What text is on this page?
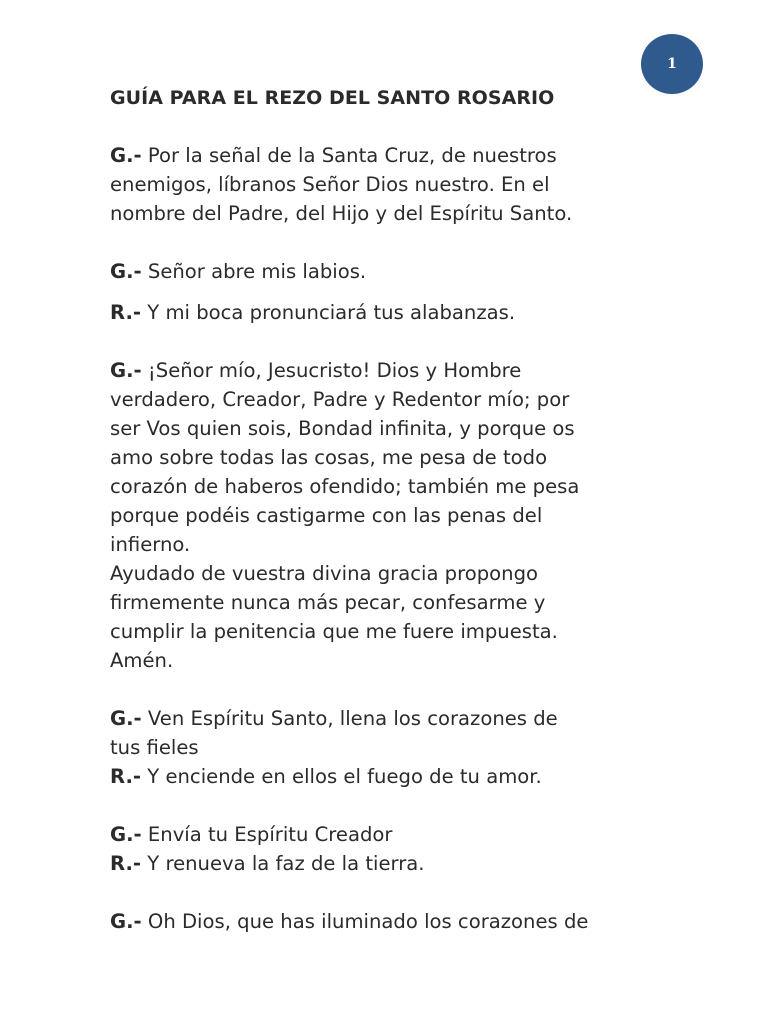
1
GUÍA PARA EL REZO DEL SANTO ROSARIO
G.- Por la señal de la Santa Cruz, de nuestros
enemigos, líbranos Señor Dios nuestro. En el
nombre del Padre, del Hijo y del Espíritu Santo.
G.- Señor abre mis labios.
R.- Y mi boca pronunciará tus alabanzas.
G.- ¡Señor mío, Jesucristo! Dios y Hombre
verdadero, Creador, Padre y Redentor mío; por
ser Vos quien sois, Bondad infinita, y porque os
amo sobre todas las cosas, me pesa de todo
corazón de haberos ofendido; también me pesa
porque podéis castigarme con las penas del
infierno.
Ayudado de vuestra divina gracia propongo
firmemente nunca más pecar, confesarme y
cumplir la penitencia que me fuere impuesta.
Amén.
G.- Ven Espíritu Santo, llena los corazones de
tus fieles
R.- Y enciende en ellos el fuego de tu amor.
G.- Envía tu Espíritu Creador
R.- Y renueva la faz de la tierra.
G.- Oh Dios, que has iluminado los corazones de
